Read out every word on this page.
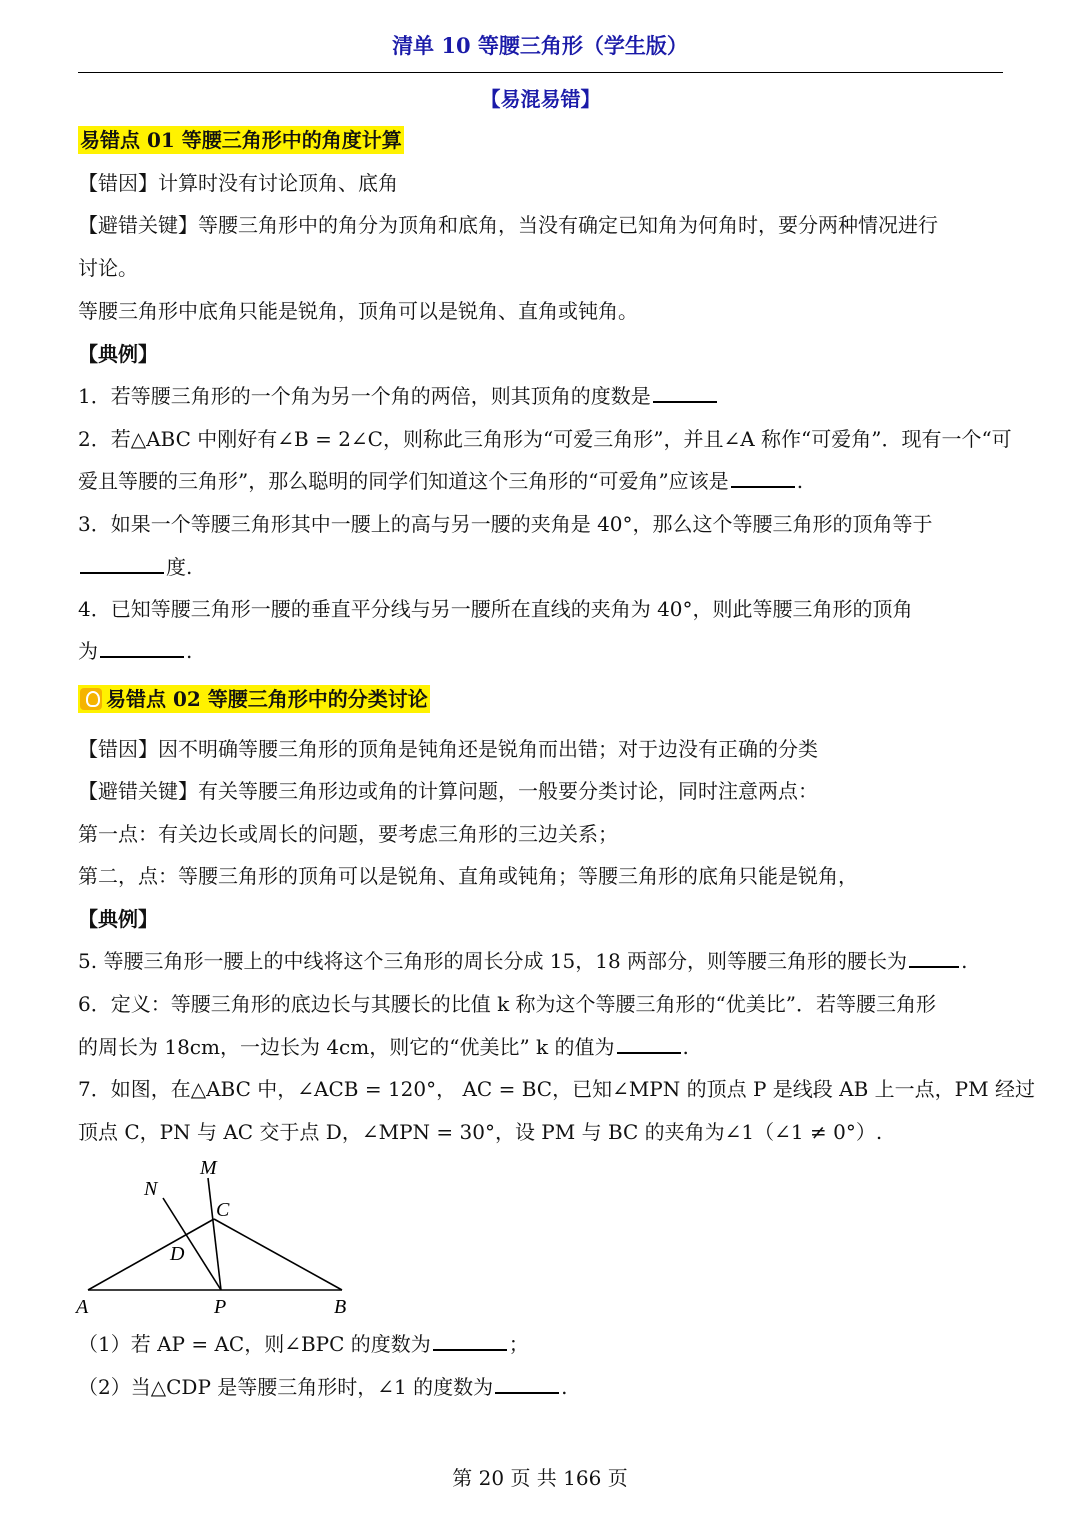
清单 10 等腰三角形（学生版）
【易混易错】
易错点 01 等腰三角形中的角度计算
【错因】计算时没有讨论顶角、底角
【避错关键】等腰三角形中的角分为顶角和底角，当没有确定已知角为何角时，要分两种情况进行
讨论。
等腰三角形中底角只能是锐角，顶角可以是锐角、直角或钝角。
【典例】
1．若等腰三角形的一个角为另一个角的两倍，则其顶角的度数是
2．若△ABC 中刚好有∠B = 2∠C，则称此三角形为“可爱三角形”，并且∠A 称作“可爱角”．现有一个“可
爱且等腰的三角形”，那么聪明的同学们知道这个三角形的“可爱角”应该是	.
3．如果一个等腰三角形其中一腰上的高与另一腰的夹角是 40°，那么这个等腰三角形的顶角等于
度.
4．已知等腰三角形一腰的垂直平分线与另一腰所在直线的夹角为 40°，则此等腰三角形的顶角
为	.
易错点 02 等腰三角形中的分类讨论
【错因】因不明确等腰三角形的顶角是钝角还是锐角而出错；对于边没有正确的分类
【避错关键】有关等腰三角形边或角的计算问题，一般要分类讨论，同时注意两点：
第一点：有关边长或周长的问题，要考虑三角形的三边关系；
第二，点：等腰三角形的顶角可以是锐角、直角或钝角；等腰三角形的底角只能是锐角，
【典例】
5. 等腰三角形一腰上的中线将这个三角形的周长分成 15，18 两部分，则等腰三角形的腰长为	.
6．定义：等腰三角形的底边长与其腰长的比值 k 称为这个等腰三角形的“优美比”．若等腰三角形
的周长为 18cm，一边长为 4cm，则它的“优美比” k 的值为	.
7．如图，在△ABC 中，∠ACB = 120°， AC = BC，已知∠MPN 的顶点 P 是线段 AB 上一点，PM 经过
顶点 C，PN 与 AC 交于点 D，∠MPN = 30°，设 PM 与 BC 的夹角为∠1（∠1 ≠ 0°）.
M
N
C
D
A	P	B
（1）若 AP = AC，则∠BPC 的度数为	；
（2）当△CDP 是等腰三角形时，∠1 的度数为	.
第 20 页 共 166 页
